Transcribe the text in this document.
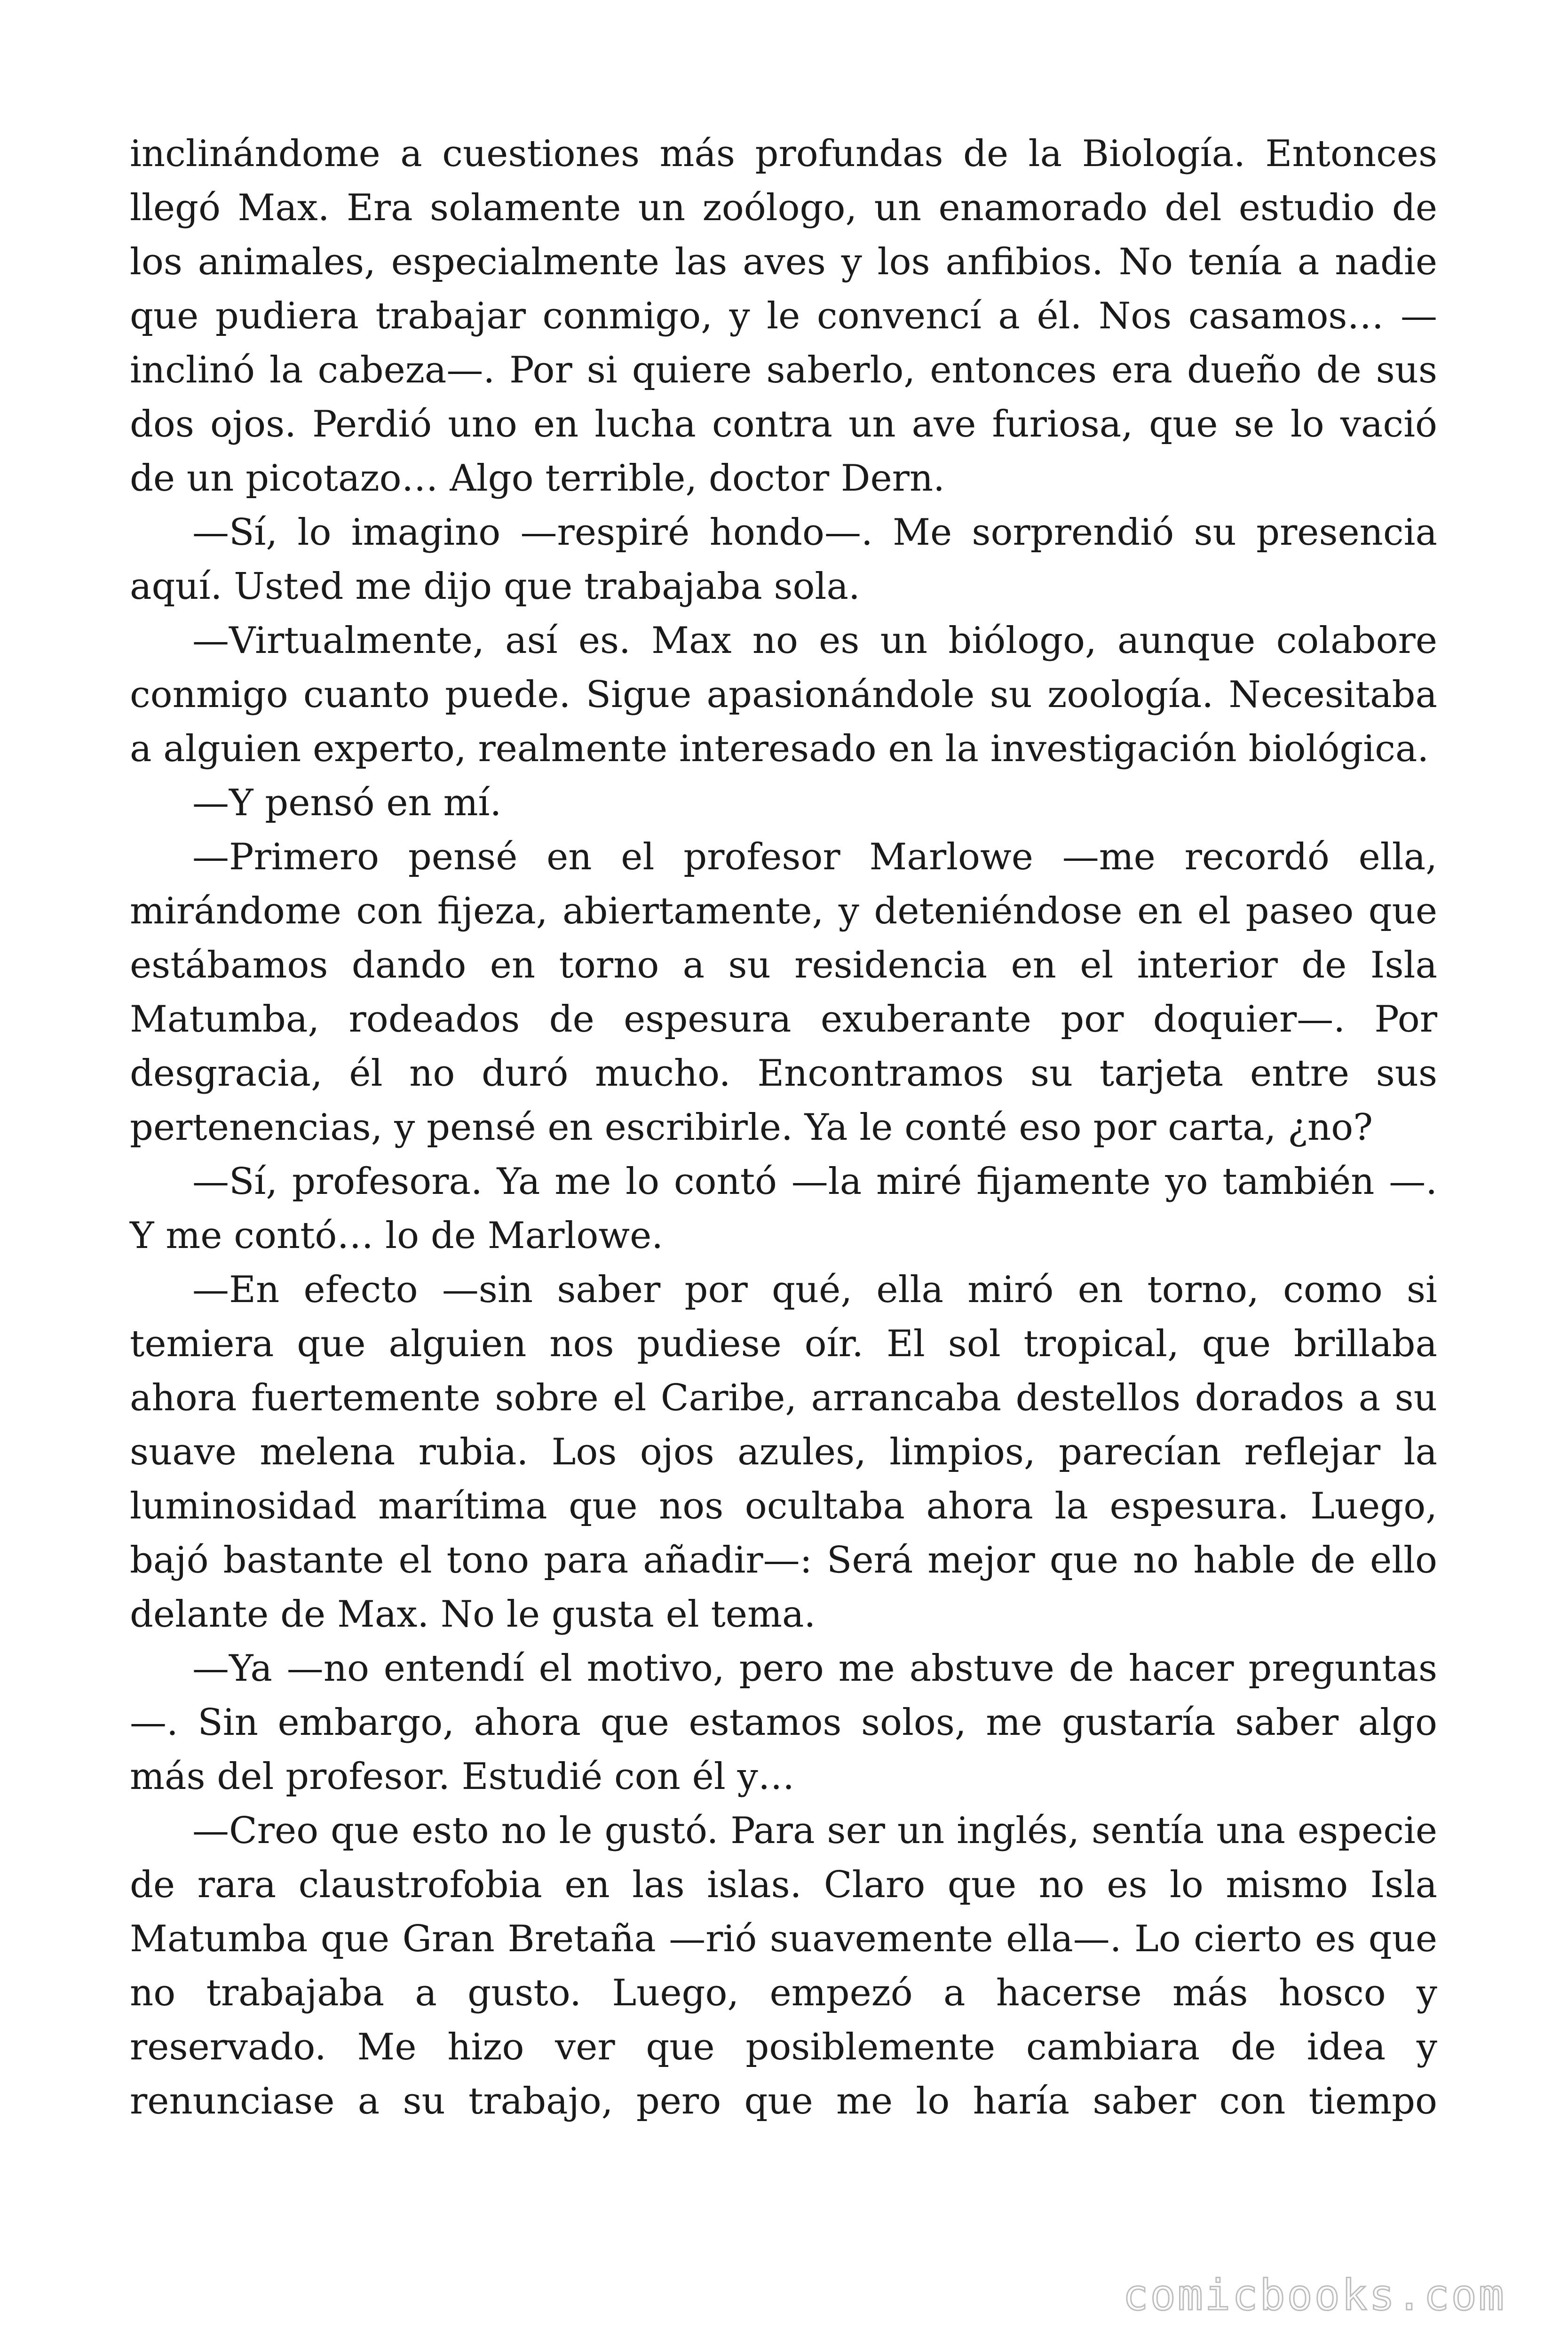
inclinándome a cuestiones más profundas de la Biología. Entonces llegó Max. Era solamente un zoólogo, un enamorado del estudio de los animales, especialmente las aves y los anfibios. No tenía a nadie que pudiera trabajar conmigo, y le convencí a él. Nos casamos… —inclinó la cabeza—. Por si quiere saberlo, entonces era dueño de sus dos ojos. Perdió uno en lucha contra un ave furiosa, que se lo vació de un picotazo… Algo terrible, doctor Dern.

—Sí, lo imagino —respiré hondo—. Me sorprendió su presencia aquí. Usted me dijo que trabajaba sola.

—Virtualmente, así es. Max no es un biólogo, aunque colabore conmigo cuanto puede. Sigue apasionándole su zoología. Necesitaba a alguien experto, realmente interesado en la investigación biológica.

—Y pensó en mí.

—Primero pensé en el profesor Marlowe —me recordó ella, mirándome con fijeza, abiertamente, y deteniéndose en el paseo que estábamos dando en torno a su residencia en el interior de Isla Matumba, rodeados de espesura exuberante por doquier—. Por desgracia, él no duró mucho. Encontramos su tarjeta entre sus pertenencias, y pensé en escribirle. Ya le conté eso por carta, ¿no?

—Sí, profesora. Ya me lo contó —la miré fijamente yo también —. Y me contó… lo de Marlowe.

—En efecto —sin saber por qué, ella miró en torno, como si temiera que alguien nos pudiese oír. El sol tropical, que brillaba ahora fuertemente sobre el Caribe, arrancaba destellos dorados a su suave melena rubia. Los ojos azules, limpios, parecían reflejar la luminosidad marítima que nos ocultaba ahora la espesura. Luego, bajó bastante el tono para añadir—: Será mejor que no hable de ello delante de Max. No le gusta el tema.

—Ya —no entendí el motivo, pero me abstuve de hacer preguntas—. Sin embargo, ahora que estamos solos, me gustaría saber algo más del profesor. Estudié con él y…

—Creo que esto no le gustó. Para ser un inglés, sentía una especie de rara claustrofobia en las islas. Claro que no es lo mismo Isla Matumba que Gran Bretaña —rió suavemente ella—. Lo cierto es que no trabajaba a gusto. Luego, empezó a hacerse más hosco y reservado. Me hizo ver que posiblemente cambiara de idea y renunciase a su trabajo, pero que me lo haría saber con tiempo

comicbooks.com
